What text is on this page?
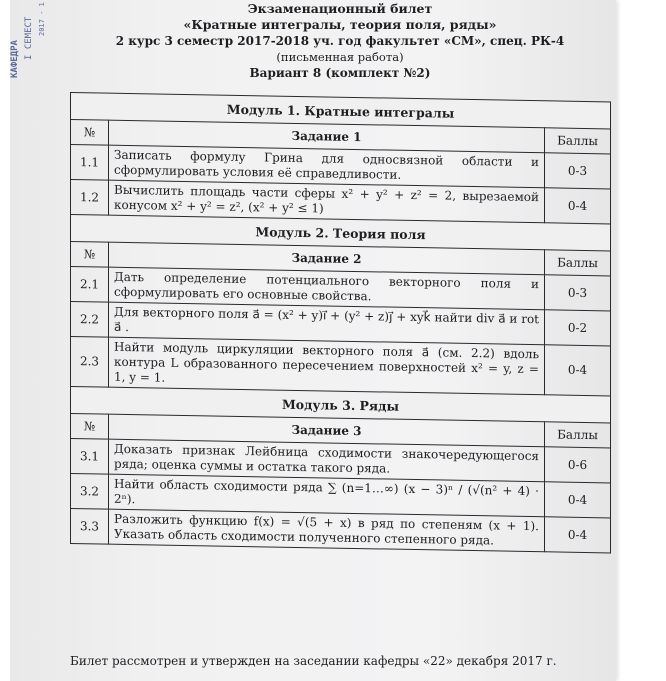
КАФЕДРА I СЕМЕСТ 2017 - 1	Экзаменационный билет
«Кратные интегралы, теория поля, ряды»
2 курс 3 семестр 2017-2018 уч. год факультет «СМ», спец. РК-4
(письменная работа)
Вариант 8 (комплект №2)
Модуль 1. Кратные интегралы		
№	Задание 1	Баллы
1.1	Записать формулу Грина для односвязной области и сформулировать условия её справедливости.	0-3
1.2	Вычислить площадь части сферы x² + y² + z² = 2, вырезаемой конусом x² + y² = z², (x² + y² ≤ 1)	0-4
Модуль 2. Теория поля		
№	Задание 2	Баллы
2.1	Дать определение потенциального векторного поля и сформулировать его основные свойства.	0-3
2.2	Для векторного поля a⃗ = (x² + y)i⃗ + (y² + z)j⃗ + xyk⃗ найти div a⃗ и rot a⃗ .	0-2
2.3	Найти модуль циркуляции векторного поля a⃗ (см. 2.2) вдоль контура L образованного пересечением поверхностей x² = y, z = 1, y = 1.	0-4
Модуль 3. Ряды		
№	Задание 3	Баллы
3.1	Доказать признак Лейбница сходимости знакочередующегося ряда; оценка суммы и остатка такого ряда.	0-6
3.2	Найти область сходимости ряда ∑ (n=1…∞) (x − 3)ⁿ / (√(n² + 4) · 2ⁿ).	0-4
3.3	Разложить функцию f(x) = √(5 + x) в ряд по степеням (x + 1). Указать область сходимости полученного степенного ряда.	0-4
Билет рассмотрен и утвержден на заседании кафедры «22» декабря 2017 г.
